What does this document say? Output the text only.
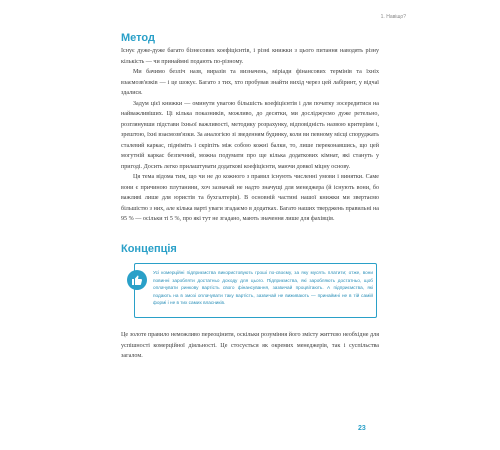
1. Навіщо?
Метод

Існує дуже-дуже багато бізнесових коефіцієнтів, і різні книжки з цього питання наводять різну кількість — чи принаймні подають по-різному.

Ми бачимо безліч назв, виразів та визначень, міріади фінансових термінів та їхніх взаємозв'язків — і це шокує. Багато з тих, хто пробував знайти вихід через цей лабіринт, у відчаї здалися.

Задум цієї книжки — оминути увагою більшість коефіцієнтів і для початку зосередитися на найважливіших. Ці кілька показників, можливо, до десятки, ми досліджуємо дуже ретельно, розглянувши підстави їхньої важливості, методику розрахунку, відповідність назвою критеріям і, зрештою, їхні взаємозв'язки. За аналогією зі зведенням будинку, коли ви певному місці споруджать сталевий каркас, підніміть і скріпіть між собою кожні балки, то, лише переконавшись, що цей могутній каркас безпечний, можна подумати про ще кілька додаткових кімнат, які стануть у пригоді. Досить легко прилаштувати додаткові коефіцієнти, маючи довкої міцну основу.

Ця тема відома тим, що чи не до кожного з правил існують численні умови і винятки. Саме вони є причиною плутанини, хоч зазначай не надто значущі для менеджера (й існують вони, бо важливі лише для юристів та бухгалтерів). В основній частині нашої книжки ми звертаємо більшістю з них, але кілька варті уваги згадаємо в додатках. Багато наших тверджень правильні на 95 % — осільки ті 5 %, про які тут не згадано, мають значення лише для фахівців.

Концепція
Усі комерційні підприємства використовують гроші по-своєму, за яку мусять платити; отже, вони повинні заробляти достатньо доходу для цього. Підприємства, які заробляють достатньо, щоб оплачувати ринкову вартість свого фінансування, зазвичай процвітають. А підприємства, які подають на в змозі оплачувати таку вартість, зазвичай не виживають — принаймні не в тій самій формі і не в тих самих власників.

Це золоте правило неможливо переоцінити, оскільки розуміння його змісту життєво необхідне для успішності комерційної діяльності. Це стосується як окремих менеджерів, так і суспільства загалом.

23
